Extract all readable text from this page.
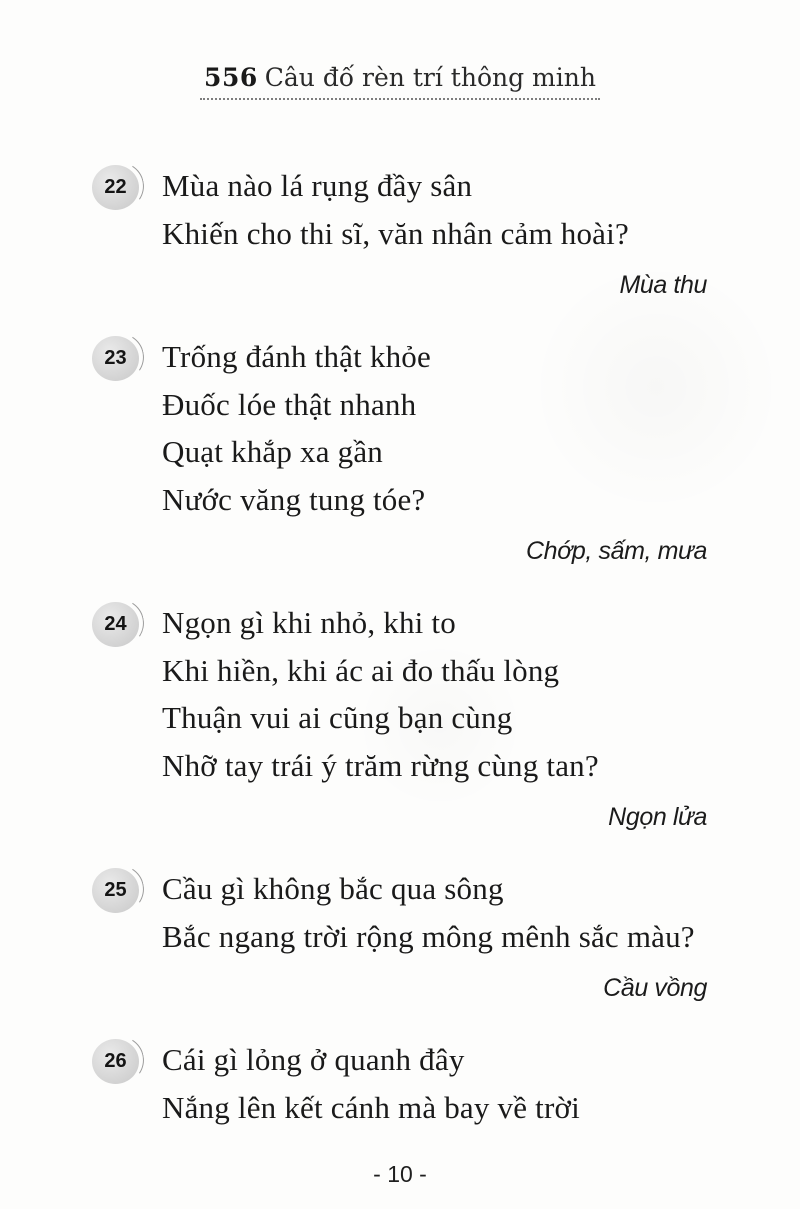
556 Câu đố rèn trí thông minh
22 Mùa nào lá rụng đầy sân
Khiến cho thi sĩ, văn nhân cảm hoài?
Mùa thu
23 Trống đánh thật khỏe
Đuốc lóe thật nhanh
Quạt khắp xa gần
Nước văng tung tóe?
Chớp, sấm, mưa
24 Ngọn gì khi nhỏ, khi to
Khi hiền, khi ác ai đo thấu lòng
Thuận vui ai cũng bạn cùng
Nhỡ tay trái ý trăm rừng cùng tan?
Ngọn lửa
25 Cầu gì không bắc qua sông
Bắc ngang trời rộng mông mênh sắc màu?
Cầu vồng
26 Cái gì lỏng ở quanh đây
Nắng lên kết cánh mà bay về trời
- 10 -
